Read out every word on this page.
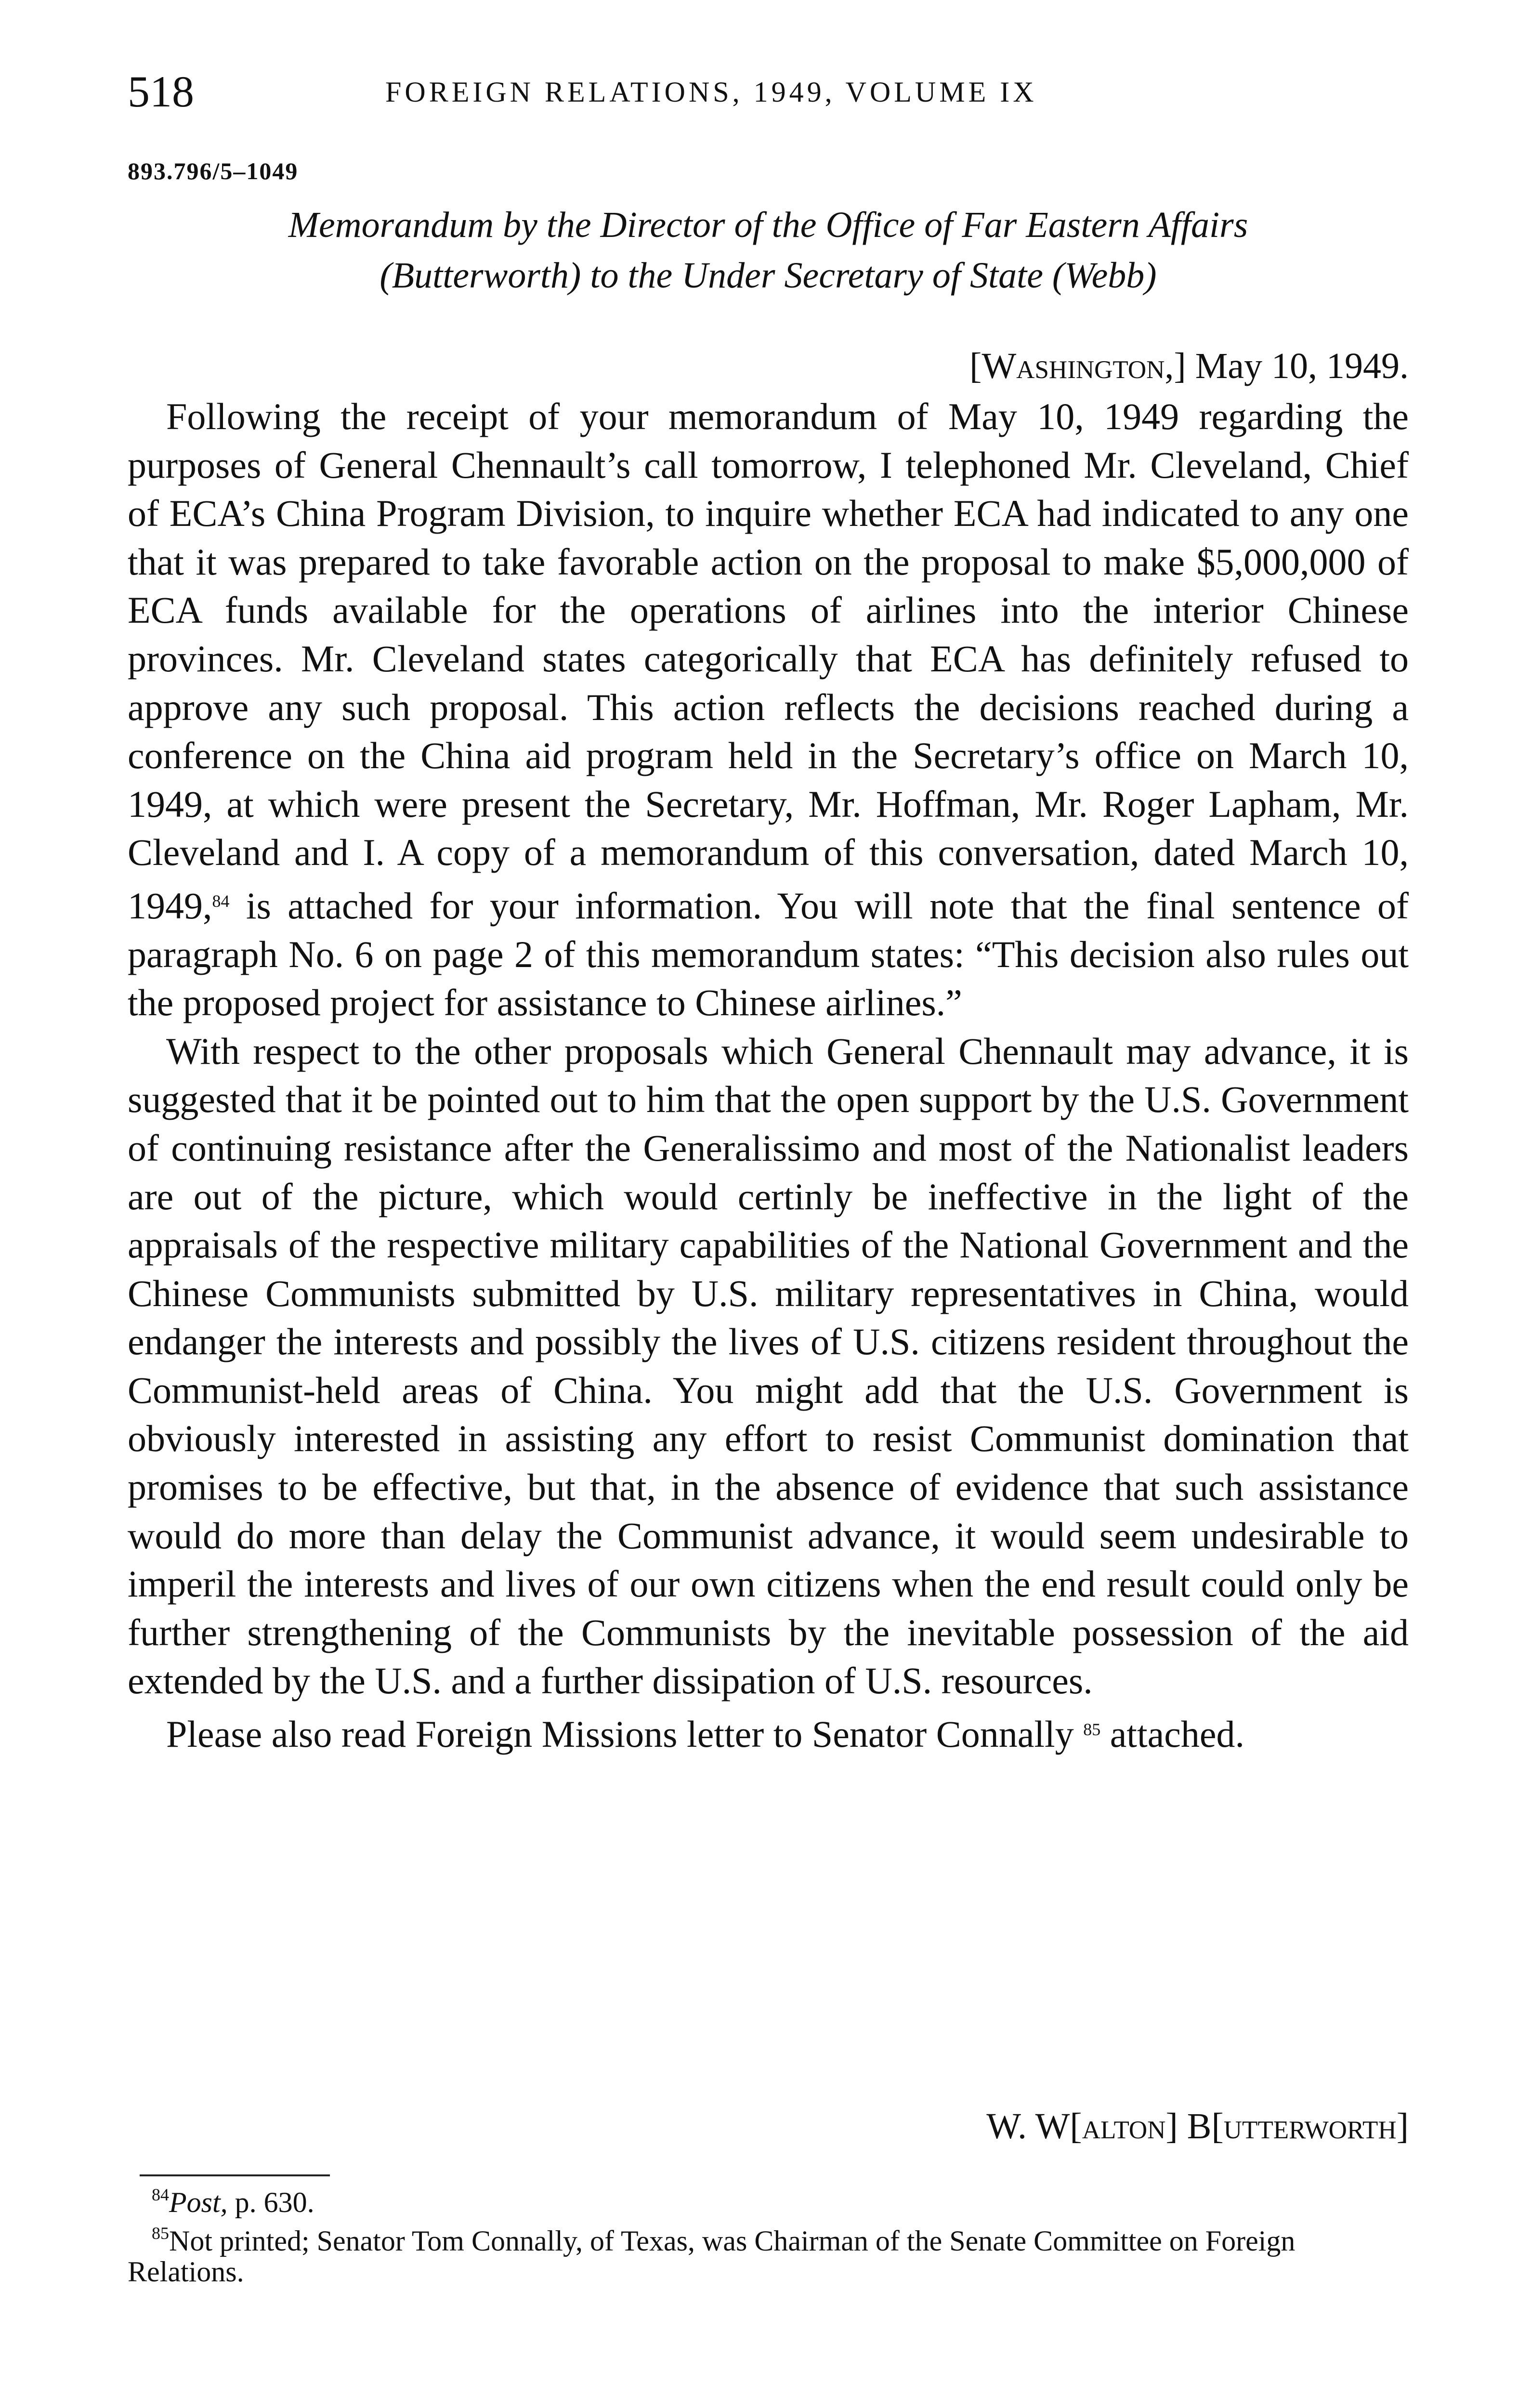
518	FOREIGN RELATIONS, 1949, VOLUME IX
893.796/5–1049
Memorandum by the Director of the Office of Far Eastern Affairs
(Butterworth) to the Under Secretary of State (Webb)
[Washington,] May 10, 1949.

Following the receipt of your memorandum of May 10, 1949 regarding the purposes of General Chennault’s call tomorrow, I telephoned Mr. Cleveland, Chief of ECA’s China Program Division, to inquire whether ECA had indicated to any one that it was prepared to take favorable action on the proposal to make $5,000,000 of ECA funds available for the operations of airlines into the interior Chinese provinces. Mr. Cleveland states categorically that ECA has definitely refused to approve any such proposal. This action reflects the decisions reached during a conference on the China aid program held in the Secretary’s office on March 10, 1949, at which were present the Secretary, Mr. Hoffman, Mr. Roger Lapham, Mr. Cleveland and I. A copy of a memorandum of this conversation, dated March 10, 1949,84 is attached for your information. You will note that the final sentence of paragraph No. 6 on page 2 of this memorandum states: “This decision also rules out the proposed project for assistance to Chinese airlines.”

With respect to the other proposals which General Chennault may advance, it is suggested that it be pointed out to him that the open support by the U.S. Government of continuing resistance after the Generalissimo and most of the Nationalist leaders are out of the picture, which would certinly be ineffective in the light of the appraisals of the respective military capabilities of the National Government and the Chinese Communists submitted by U.S. military representatives in China, would endanger the interests and possibly the lives of U.S. citizens resident throughout the Communist-held areas of China. You might add that the U.S. Government is obviously interested in assisting any effort to resist Communist domination that promises to be effective, but that, in the absence of evidence that such assistance would do more than delay the Communist advance, it would seem undesirable to imperil the interests and lives of our own citizens when the end result could only be further strengthening of the Communists by the inevitable possession of the aid extended by the U.S. and a further dissipation of U.S. resources.

Please also read Foreign Missions letter to Senator Connally $^{85}$ attached.

W. W[alton] B[utterworth]

$^{84}$Post, p. 630.

$^{85}$Not printed; Senator Tom Connally, of Texas, was Chairman of the Senate Committee on Foreign Relations.
